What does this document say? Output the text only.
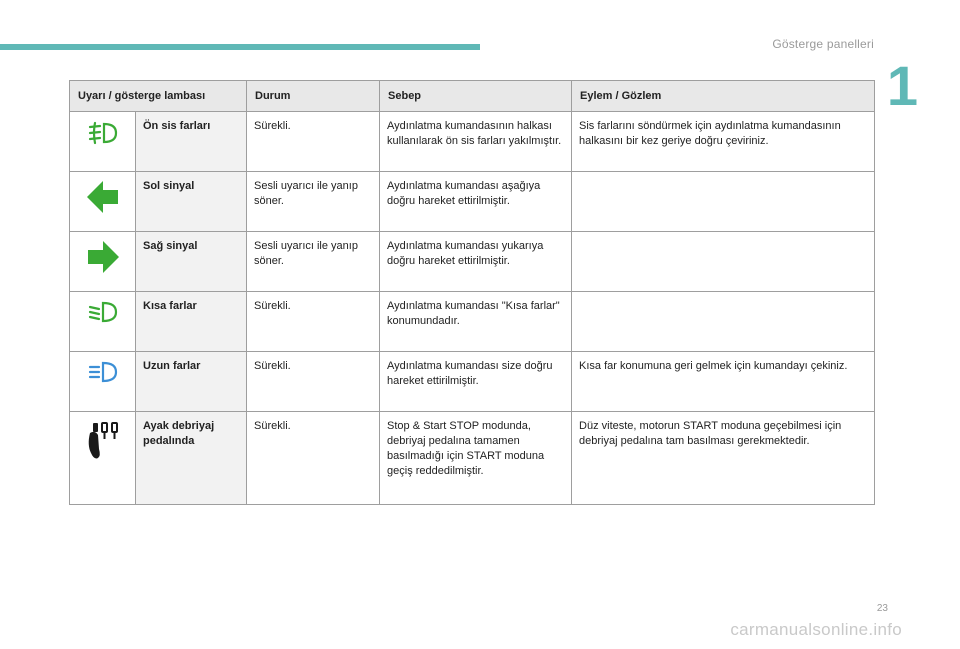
Gösterge panelleri
1
Uyarı / gösterge lambası		Durum	Sebep	Eylem / Gözlem
	Ön sis farları	Sürekli.	Aydınlatma kumandasının halkası kullanılarak ön sis farları yakılmıştır.	Sis farlarını söndürmek için aydınlatma kumandasının halkasını bir kez geriye doğru çeviriniz.
	Sol sinyal	Sesli uyarıcı ile yanıp söner.	Aydınlatma kumandası aşağıya doğru hareket ettirilmiştir.	
	Sağ sinyal	Sesli uyarıcı ile yanıp söner.	Aydınlatma kumandası yukarıya doğru hareket ettirilmiştir.	
	Kısa farlar	Sürekli.	Aydınlatma kumandası "Kısa farlar" konumundadır.	
	Uzun farlar	Sürekli.	Aydınlatma kumandası size doğru hareket ettirilmiştir.	Kısa far konumuna geri gelmek için kumandayı çekiniz.
	Ayak debriyaj pedalında	Sürekli.	Stop & Start STOP modunda, debriyaj pedalına tamamen basılmadığı için START moduna geçiş reddedilmiştir.	Düz viteste, motorun START moduna geçebilmesi için debriyaj pedalına tam basılması gerekmektedir.
23
carmanualsonline.info
